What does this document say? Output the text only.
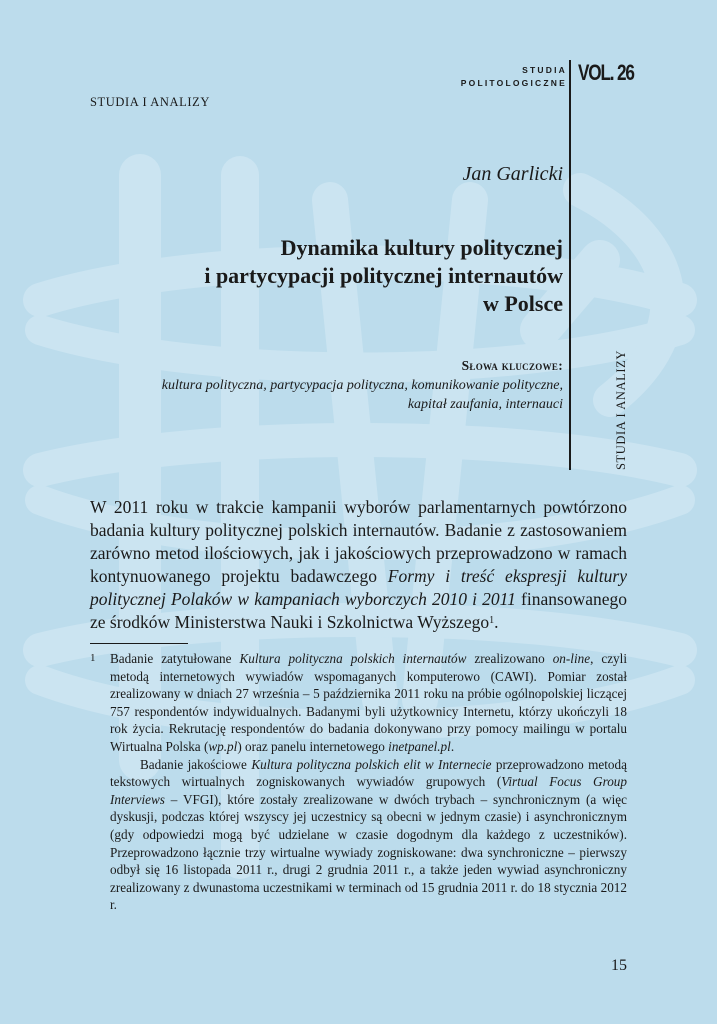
STUDIA I ANALIZY
STUDIA
POLITOLOGICZNE VOL. 26
STUDIA I ANALIZY
Jan Garlicki
Dynamika kultury politycznej
i partycypacji politycznej internautów
w Polsce
Słowa kluczowe:
kultura polityczna, partycypacja polityczna, komunikowanie polityczne,
kapitał zaufania, internauci
W 2011 roku w trakcie kampanii wyborów parlamentarnych powtórzono badania kultury politycznej polskich internautów. Badanie z zastosowaniem zarówno metod ilościowych, jak i jakościowych przeprowadzono w ramach kontynuowanego projektu badawczego Formy i treść ekspresji kultury politycznej Polaków w kampaniach wyborczych 2010 i 2011 finansowanego ze środków Ministerstwa Nauki i Szkolnictwa Wyższego$^1$.
1	Badanie zatytułowane Kultura polityczna polskich internautów zrealizowano on-line, czyli metodą internetowych wywiadów wspomaganych komputerowo (CAWI). Pomiar został zrealizowany w dniach 27 września – 5 października 2011 roku na próbie ogólnopolskiej liczącej 757 respondentów indywidualnych. Badanymi byli użytkownicy Internetu, którzy ukończyli 18 rok życia. Rekrutację respondentów do badania dokonywano przy pomocy mailingu w portalu Wirtualna Polska (wp.pl) oraz panelu internetowego inetpanel.pl.

Badanie jakościowe Kultura polityczna polskich elit w Internecie przeprowadzono metodą tekstowych wirtualnych zogniskowanych wywiadów grupowych (Virtual Focus Group Interviews – VFGI), które zostały zrealizowane w dwóch trybach – synchronicznym (a więc dyskusji, podczas której wszyscy jej uczestnicy są obecni w jednym czasie) i asynchronicznym (gdy odpowiedzi mogą być udzielane w czasie dogodnym dla każdego z uczestników). Przeprowadzono łącznie trzy wirtualne wywiady zogniskowane: dwa synchroniczne – pierwszy odbył się 16 listopada 2011 r., drugi 2 grudnia 2011 r., a także jeden wywiad asynchroniczny zrealizowany z dwunastoma uczestnikami w terminach od 15 grudnia 2011 r. do 18 stycznia 2012 r.

15
